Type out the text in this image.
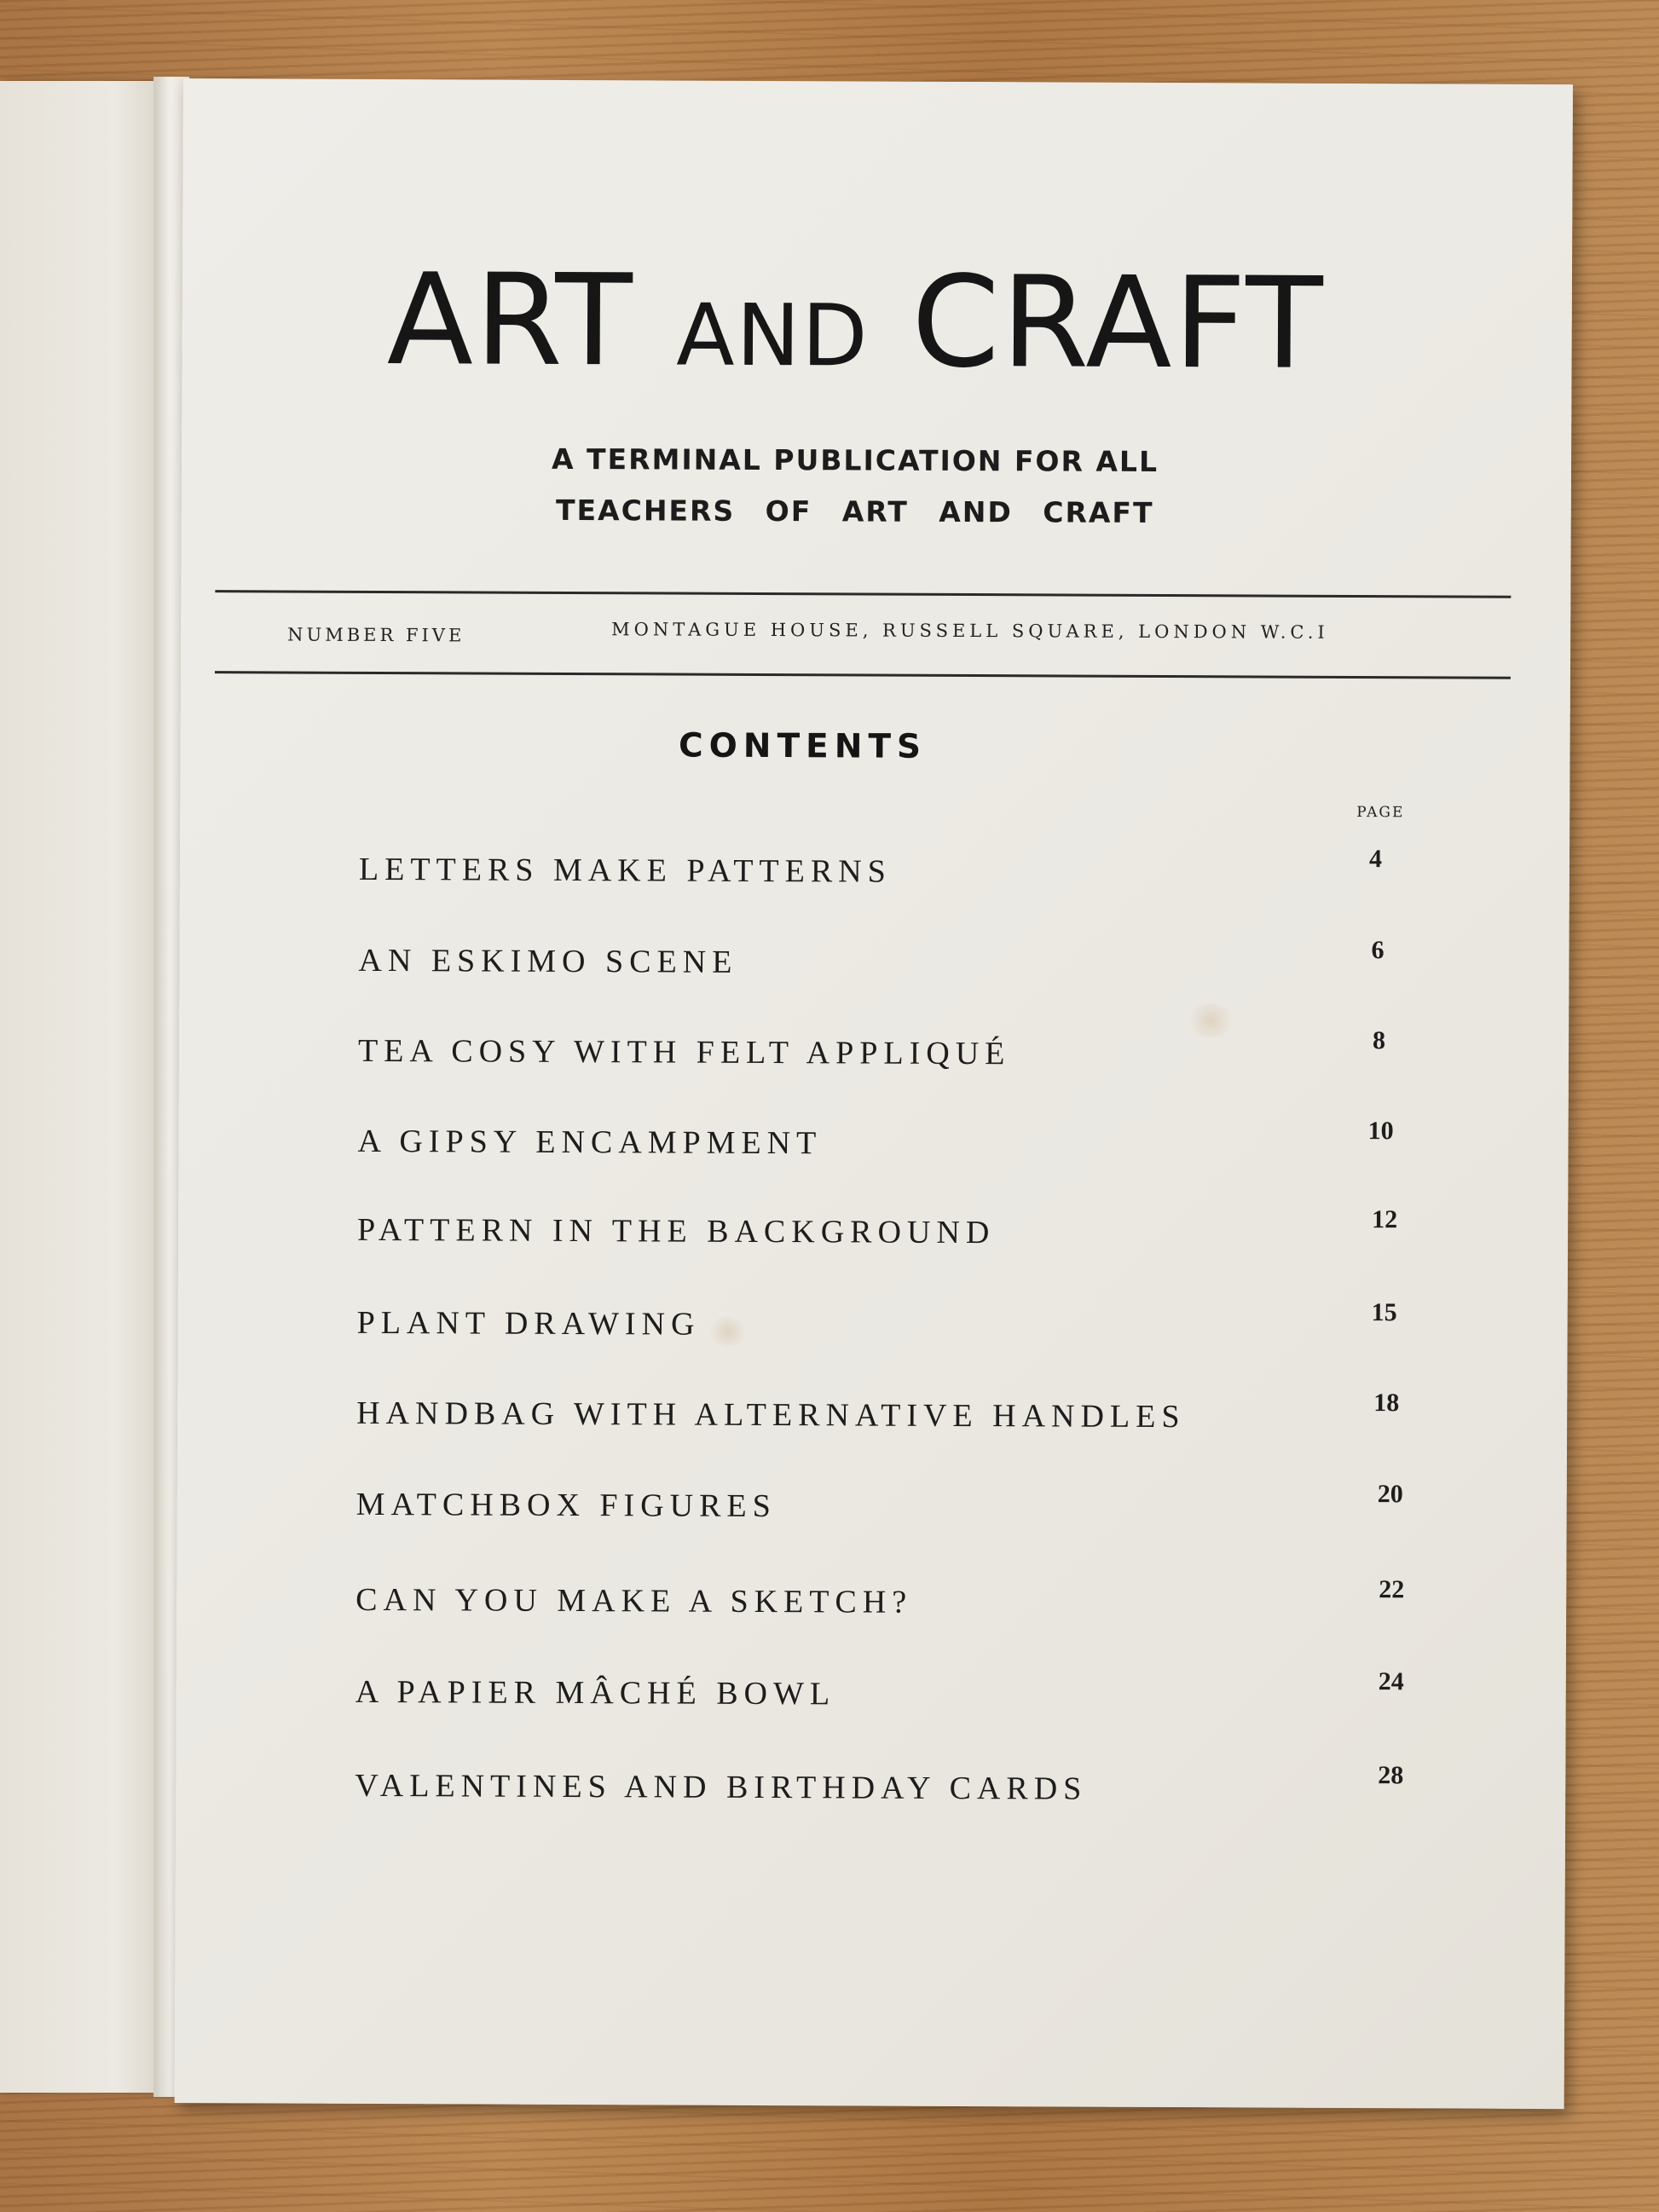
ART AND CRAFT
A TERMINAL PUBLICATION FOR ALL
TEACHERS OF ART AND CRAFT
NUMBER FIVE	MONTAGUE HOUSE, RUSSELL SQUARE, LONDON W.C.I
CONTENTS
PAGE
LETTERS MAKE PATTERNS	4
AN ESKIMO SCENE	6
TEA COSY WITH FELT APPLIQUÉ	8
A GIPSY ENCAMPMENT	10
PATTERN IN THE BACKGROUND	12
PLANT DRAWING	15
HANDBAG WITH ALTERNATIVE HANDLES	18
MATCHBOX FIGURES	20
CAN YOU MAKE A SKETCH?	22
A PAPIER MÂCHÉ BOWL	24
VALENTINES AND BIRTHDAY CARDS	28
